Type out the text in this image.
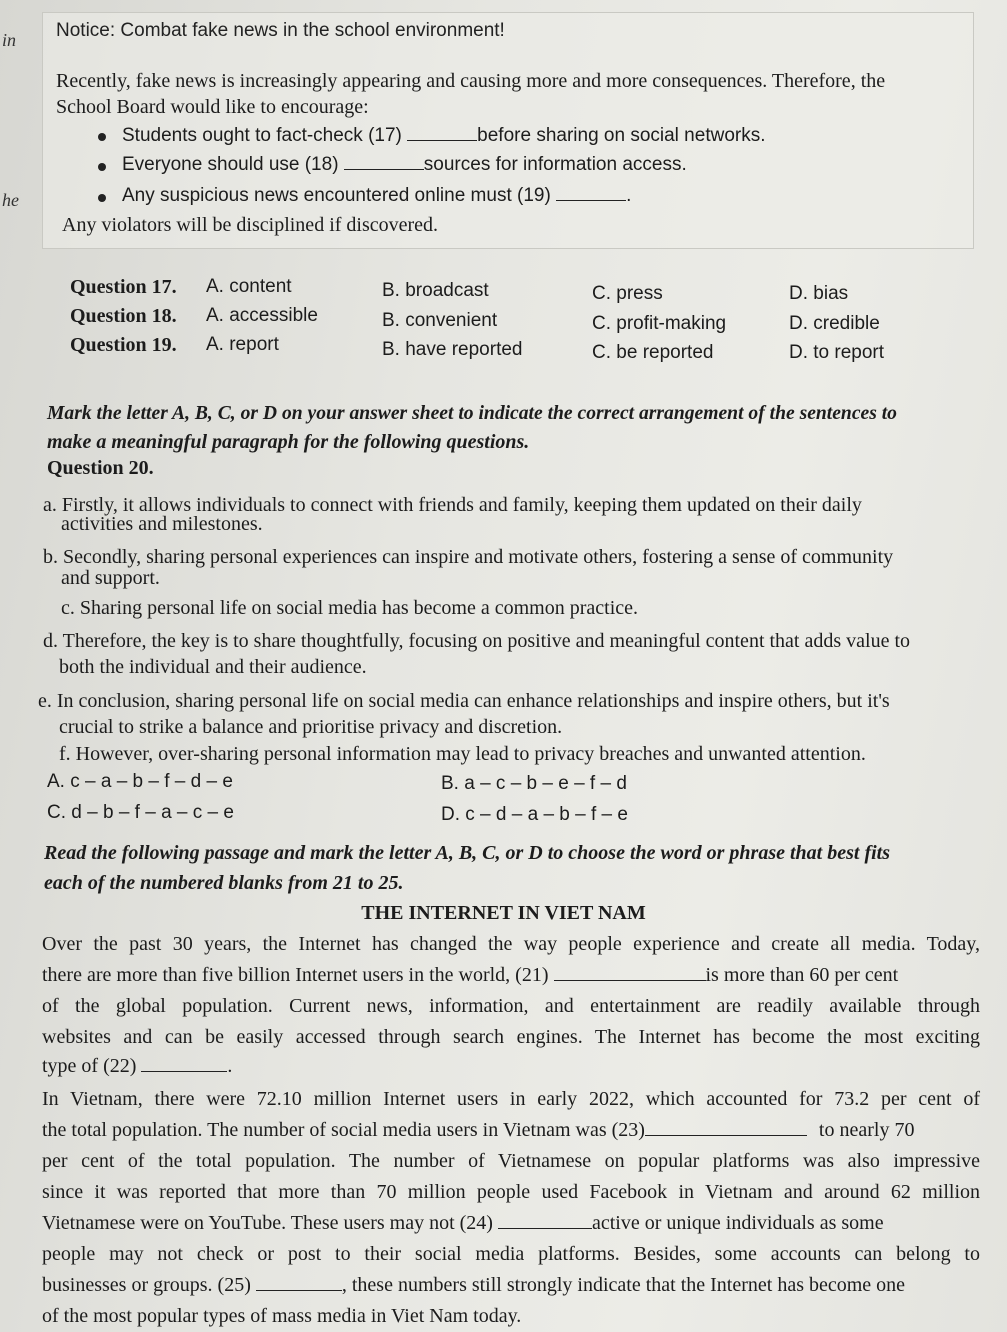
in
he
Notice: Combat fake news in the school environment!
Recently, fake news is increasingly appearing and causing more and more consequences. Therefore, the
School Board would like to encourage:
Students ought to fact-check (17)	before sharing on social networks.
Everyone should use (18)	sources for information access.
Any suspicious news encountered online must (19)	.
Any violators will be disciplined if discovered.
Question 17. A. content	B. broadcast	C. press	D. bias
Question 18. A. accessible	B. convenient	C. profit-making	D. credible
Question 19. A. report	B. have reported	C. be reported	D. to report
Mark the letter A, B, C, or D on your answer sheet to indicate the correct arrangement of the sentences to
make a meaningful paragraph for the following questions.
Question 20.
a. Firstly, it allows individuals to connect with friends and family, keeping them updated on their daily
activities and milestones.
b. Secondly, sharing personal experiences can inspire and motivate others, fostering a sense of community
and support.
c. Sharing personal life on social media has become a common practice.
d. Therefore, the key is to share thoughtfully, focusing on positive and meaningful content that adds value to
both the individual and their audience.
e. In conclusion, sharing personal life on social media can enhance relationships and inspire others, but it's
crucial to strike a balance and prioritise privacy and discretion.
f. However, over-sharing personal information may lead to privacy breaches and unwanted attention.
A. c – a – b – f – d – e	B. a – c – b – e – f – d
C. d – b – f – a – c – e	D. c – d – a – b – f – e
Read the following passage and mark the letter A, B, C, or D to choose the word or phrase that best fits
each of the numbered blanks from 21 to 25.
THE INTERNET IN VIET NAM
Over the past 30 years, the Internet has changed the way people experience and create all media. Today,
there are more than five billion Internet users in the world, (21)	is more than 60 per cent
of the global population. Current news, information, and entertainment are readily available through
websites and can be easily accessed through search engines. The Internet has become the most exciting
type of (22)	.
In Vietnam, there were 72.10 million Internet users in early 2022, which accounted for 73.2 per cent of
the total population. The number of social media users in Vietnam was (23)	to nearly 70
per cent of the total population. The number of Vietnamese on popular platforms was also impressive
since it was reported that more than 70 million people used Facebook in Vietnam and around 62 million
Vietnamese were on YouTube. These users may not (24)	active or unique individuals as some
people may not check or post to their social media platforms. Besides, some accounts can belong to
businesses or groups. (25)	, these numbers still strongly indicate that the Internet has become one
of the most popular types of mass media in Viet Nam today.
